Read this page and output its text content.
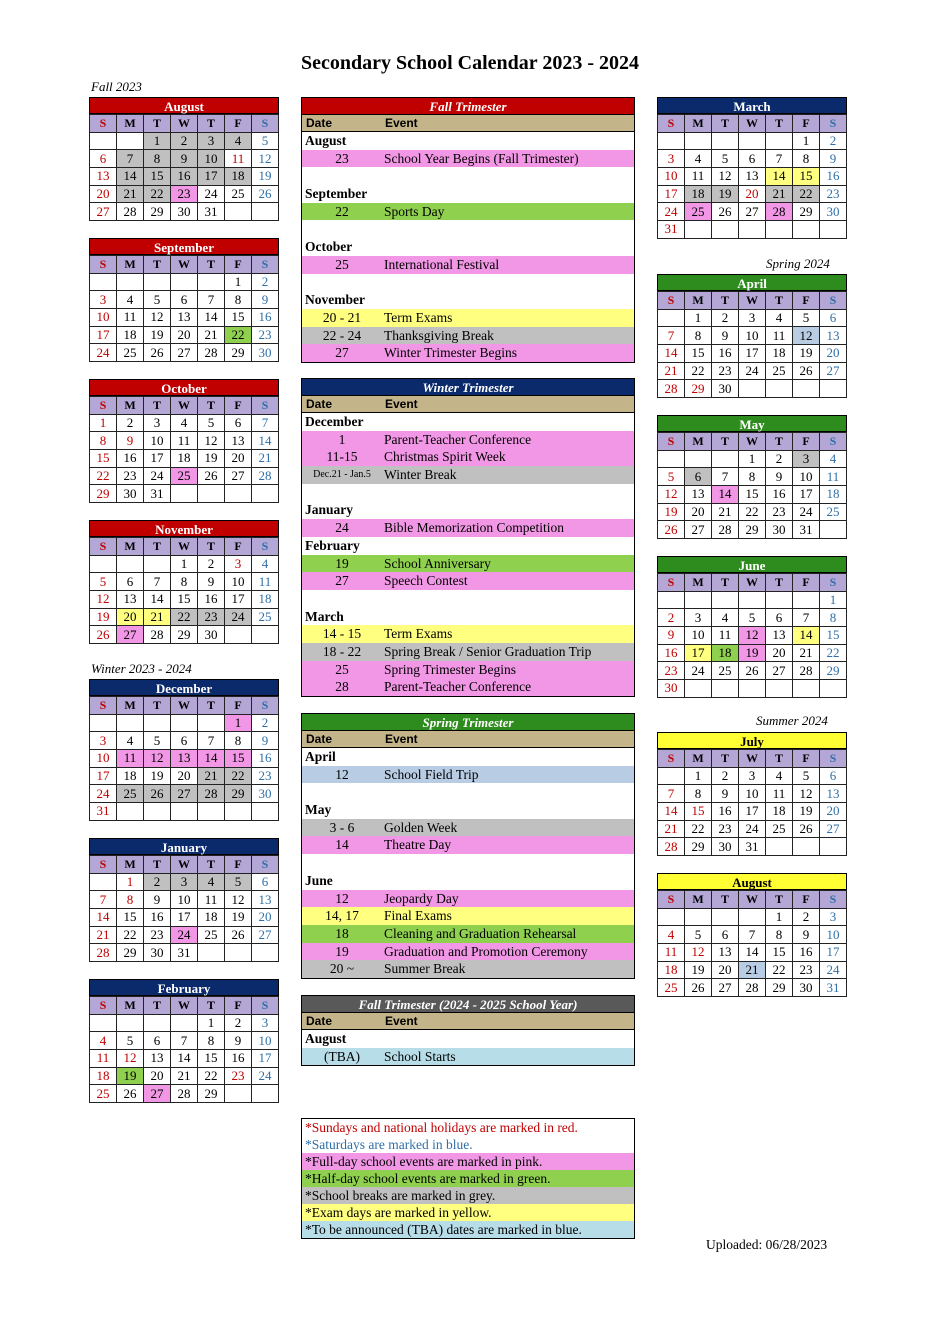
Secondary School Calendar 2023 - 2024
Fall 2023
Winter 2023 - 2024
Spring 2024
Summer 2024
August
S	M	T	W	T	F	S
30	31	1	2	3	4	5
6	7	8	9	10	11	12
13	14	15	16	17	18	19
20	21	22	23	24	25	26
27	28	29	30	31		
September
S	M	T	W	T	F	S
27	28	29	30	31	1	2
3	4	5	6	7	8	9
10	11	12	13	14	15	16
17	18	19	20	21	22	23
24	25	26	27	28	29	30
October
S	M	T	W	T	F	S
1	2	3	4	5	6	7
8	9	10	11	12	13	14
15	16	17	18	19	20	21
22	23	24	25	26	27	28
29	30	31				
November
S	M	T	W	T	F	S
29	30	31	1	2	3	4
5	6	7	8	9	10	11
12	13	14	15	16	17	18
19	20	21	22	23	24	25
26	27	28	29	30		
December
S	M	T	W	T	F	S
26	27	28	29	30	1	2
3	4	5	6	7	8	9
10	11	12	13	14	15	16
17	18	19	20	21	22	23
24	25	26	27	28	29	30
31	1	2	3	4	5	6
January
S	M	T	W	T	F	S
31	1	2	3	4	5	6
7	8	9	10	11	12	13
14	15	16	17	18	19	20
21	22	23	24	25	26	27
28	29	30	31	1	2	3
February
S	M	T	W	T	F	S
28	29	30	31	1	2	3
4	5	6	7	8	9	10
11	12	13	14	15	16	17
18	19	20	21	22	23	24
25	26	27	28	29		
March
S	M	T	W	T	F	S
25	26	27	28	29	1	2
3	4	5	6	7	8	9
10	11	12	13	14	15	16
17	18	19	20	21	22	23
24	25	26	27	28	29	30
31	1	2	3	4	5	6
April
S	M	T	W	T	F	S
31	1	2	3	4	5	6
7	8	9	10	11	12	13
14	15	16	17	18	19	20
21	22	23	24	25	26	27
28	29	30	1	2	3	4
May
S	M	T	W	T	F	S
28	29	30	1	2	3	4
5	6	7	8	9	10	11
12	13	14	15	16	17	18
19	20	21	22	23	24	25
26	27	28	29	30	31	1
June
S	M	T	W	T	F	S
26	27	28	29	30	31	1
2	3	4	5	6	7	8
9	10	11	12	13	14	15
16	17	18	19	20	21	22
23	24	25	26	27	28	29
30	1	2	3	4	5	6
July
S	M	T	W	T	F	S
30	1	2	3	4	5	6
7	8	9	10	11	12	13
14	15	16	17	18	19	20
21	22	23	24	25	26	27
28	29	30	31	1	2	3
August
S	M	T	W	T	F	S
28	29	30	31	1	2	3
4	5	6	7	8	9	10
11	12	13	14	15	16	17
18	19	20	21	22	23	24
25	26	27	28	29	30	31
Fall Trimester
Date	Event
August
23	School Year Begins (Fall Trimester)
September
22	Sports Day
October
25	International Festival
November
20 - 21	Term Exams
22 - 24	Thanksgiving Break
27	Winter Trimester Begins
Winter Trimester
Date	Event
December
1	Parent-Teacher Conference
11-15	Christmas Spirit Week
Dec.21 - Jan.5 Winter Break
January
24	Bible Memorization Competition
February
19	School Anniversary
27	Speech Contest
March
14 - 15	Term Exams
18 - 22	Spring Break / Senior Graduation Trip
25	Spring Trimester Begins
28	Parent-Teacher Conference
Spring Trimester
Date	Event
April
12	School Field Trip
May
3 - 6	Golden Week
14	Theatre Day
June
12	Jeopardy Day
14, 17	Final Exams
18	Cleaning and Graduation Rehearsal
19	Graduation and Promotion Ceremony
20 ~	Summer Break
Fall Trimester (2024 - 2025 School Year)
Date	Event
August
(TBA)	School Starts
*Sundays and national holidays are marked in red.
*Saturdays are marked in blue.
*Full-day school events are marked in pink.
*Half-day school events are marked in green.
*School breaks are marked in grey.
*Exam days are marked in yellow.
*To be announced (TBA) dates are marked in blue.
Uploaded: 06/28/2023
